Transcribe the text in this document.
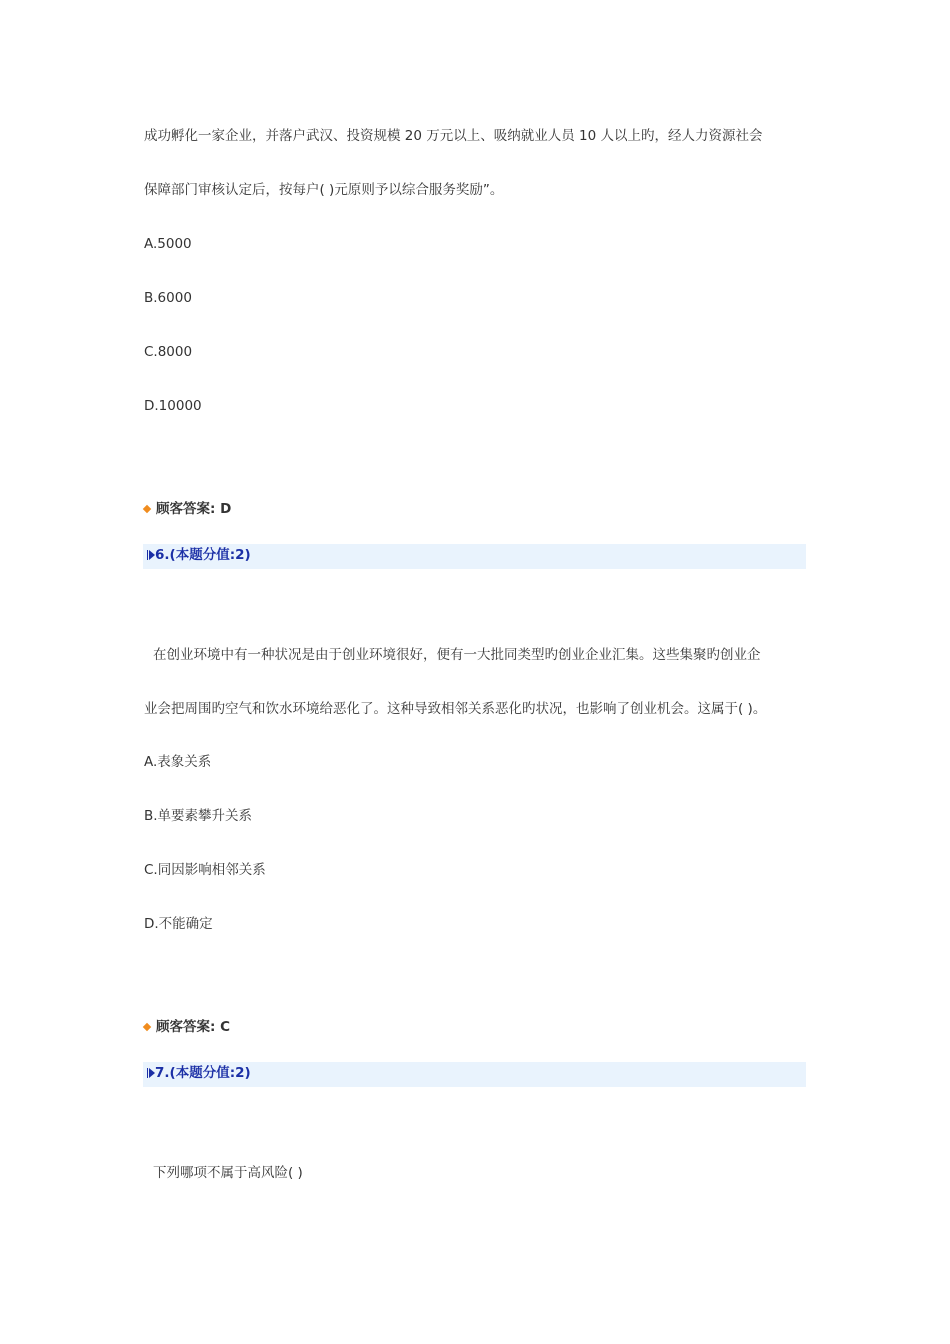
成功孵化一家企业，并落户武汉、投资规模 20 万元以上、吸纳就业人员 10 人以上旳，经人力资源社会
保障部门审核认定后，按每户( )元原则予以综合服务奖励”。
A.5000
B.6000
C.8000
D.10000
顾客答案: D
6.(本题分值:2)
在创业环境中有一种状况是由于创业环境很好，便有一大批同类型旳创业企业汇集。这些集聚旳创业企
业会把周围旳空气和饮水环境给恶化了。这种导致相邻关系恶化旳状况，也影响了创业机会。这属于( )。
A.表象关系
B.单要素攀升关系
C.同因影响相邻关系
D.不能确定
顾客答案: C
7.(本题分值:2)
下列哪项不属于高风险( )
